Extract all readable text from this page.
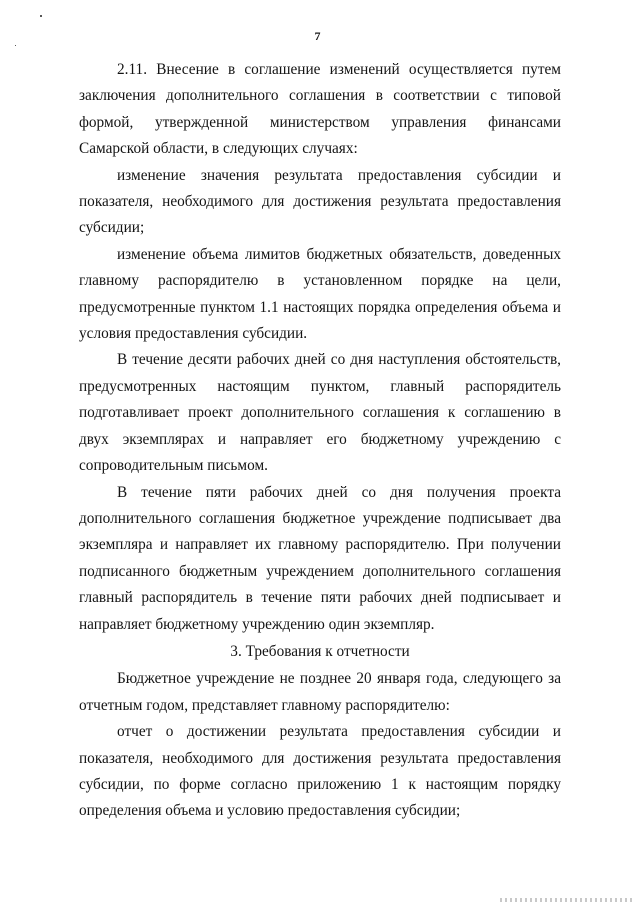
7

2.11. Внесение в соглашение изменений осуществляется путем заключения дополнительного соглашения в соответствии с типовой формой, утвержденной министерством управления финансами Самарской области, в следующих случаях:

изменение значения результата предоставления субсидии и показателя, необходимого для достижения результата предоставления субсидии;

изменение объема лимитов бюджетных обязательств, доведенных главному распорядителю в установленном порядке на цели, предусмотренные пунктом 1.1 настоящих порядка определения объема и условия предоставления субсидии.

В течение десяти рабочих дней со дня наступления обстоятельств, предусмотренных настоящим пунктом, главный распорядитель подготавливает проект дополнительного соглашения к соглашению в двух экземплярах и направляет его бюджетному учреждению с сопроводительным письмом.

В течение пяти рабочих дней со дня получения проекта дополнительного соглашения бюджетное учреждение подписывает два экземпляра и направляет их главному распорядителю. При получении подписанного бюджетным учреждением дополнительного соглашения главный распорядитель в течение пяти рабочих дней подписывает и направляет бюджетному учреждению один экземпляр.

3. Требования к отчетности

Бюджетное учреждение не позднее 20 января года, следующего за отчетным годом, представляет главному распорядителю:

отчет о достижении результата предоставления субсидии и показателя, необходимого для достижения результата предоставления субсидии, по форме согласно приложению 1 к настоящим порядку определения объема и условию предоставления субсидии;
